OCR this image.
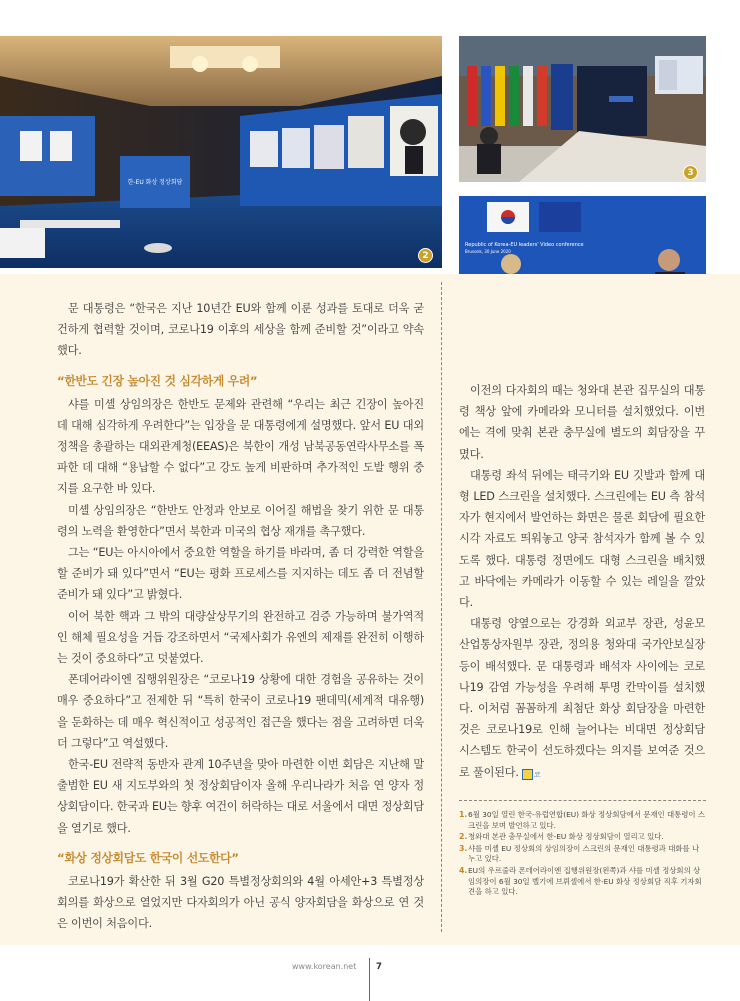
한-EU 화상 정상회담
2
3
Republic of Korea-EU leaders' Video conference
Brussels, 30 June 2020

문 대통령은 “한국은 지난 10년간 EU와 함께 이룬 성과를 토대로 더욱 굳건하게 협력할 것이며, 코로나19 이후의 세상을 함께 준비할 것”이라고 약속했다.

“한반도 긴장 높아진 것 심각하게 우려”

샤를 미셸 상임의장은 한반도 문제와 관련해 “우리는 최근 긴장이 높아진 데 대해 심각하게 우려한다”는 입장을 문 대통령에게 설명했다. 앞서 EU 대외정책을 총괄하는 대외관계청(EEAS)은 북한이 개성 남북공동연락사무소를 폭파한 데 대해 “용납할 수 없다”고 강도 높게 비판하며 추가적인 도발 행위 중지를 요구한 바 있다.

미셸 상임의장은 “한반도 안정과 안보로 이어질 해법을 찾기 위한 문 대통령의 노력을 환영한다”면서 북한과 미국의 협상 재개를 촉구했다.

그는 “EU는 아시아에서 중요한 역할을 하기를 바라며, 좀 더 강력한 역할을 할 준비가 돼 있다”면서 “EU는 평화 프로세스를 지지하는 데도 좀 더 전념할 준비가 돼 있다”고 밝혔다.

이어 북한 핵과 그 밖의 대량살상무기의 완전하고 검증 가능하며 불가역적인 해체 필요성을 거듭 강조하면서 “국제사회가 유엔의 제재를 완전히 이행하는 것이 중요하다”고 덧붙였다.

폰데어라이엔 집행위원장은 “코로나19 상황에 대한 경험을 공유하는 것이 매우 중요하다”고 전제한 뒤 “특히 한국이 코로나19 팬데믹(세계적 대유행)을 둔화하는 데 매우 혁신적이고 성공적인 접근을 했다는 점을 고려하면 더욱더 그렇다”고 역설했다.

한국-EU 전략적 동반자 관계 10주년을 맞아 마련한 이번 회담은 지난해 말 출범한 EU 새 지도부와의 첫 정상회담이자 올해 우리나라가 처음 연 양자 정상회담이다. 한국과 EU는 향후 여건이 허락하는 대로 서울에서 대면 정상회담을 열기로 했다.

“화상 정상회담도 한국이 선도한다”

코로나19가 확산한 뒤 3월 G20 특별정상회의와 4월 아세안+3 특별정상회의를 화상으로 열었지만 다자회의가 아닌 공식 양자회담을 화상으로 연 것은 이번이 처음이다.

이전의 다자회의 때는 청와대 본관 집무실의 대통령 책상 앞에 카메라와 모니터를 설치했었다. 이번에는 격에 맞춰 본관 충무실에 별도의 회담장을 꾸몄다.

대통령 좌석 뒤에는 태극기와 EU 깃발과 함께 대형 LED 스크린을 설치했다. 스크린에는 EU 측 참석자가 현지에서 발언하는 화면은 물론 회담에 필요한 시각 자료도 띄워놓고 양국 참석자가 함께 볼 수 있도록 했다. 대통령 정면에도 대형 스크린을 배치했고 바닥에는 카메라가 이동할 수 있는 레일을 깔았다.

대통령 양옆으로는 강경화 외교부 장관, 성윤모 산업통상자원부 장관, 정의용 청와대 국가안보실장 등이 배석했다. 문 대통령과 배석자 사이에는 코로나19 감염 가능성을 우려해 투명 칸막이를 설치했다. 이처럼 꼼꼼하게 최첨단 화상 회담장을 마련한 것은 코로나19로 인해 늘어나는 비대면 정상회담 시스템도 한국이 선도하겠다는 의지를 보여준 것으로 풀이된다. 코

1. 6월 30일 열린 한국-유럽연합(EU) 화상 정상회담에서 문재인 대통령이 스크린을 보며 발언하고 있다.
2. 청와대 본관 충무실에서 한-EU 화상 정상회담이 열리고 있다.
3. 샤를 미셸 EU 정상회의 상임의장이 스크린의 문재인 대통령과 대화를 나누고 있다.
4. EU의 우르줄라 폰데어라이엔 집행위원장(왼쪽)과 샤를 미셸 정상회의 상임의장이 6월 30일 벨기에 브뤼셀에서 한-EU 화상 정상회담 직후 기자회견을 하고 있다.
www.korean.net 7
